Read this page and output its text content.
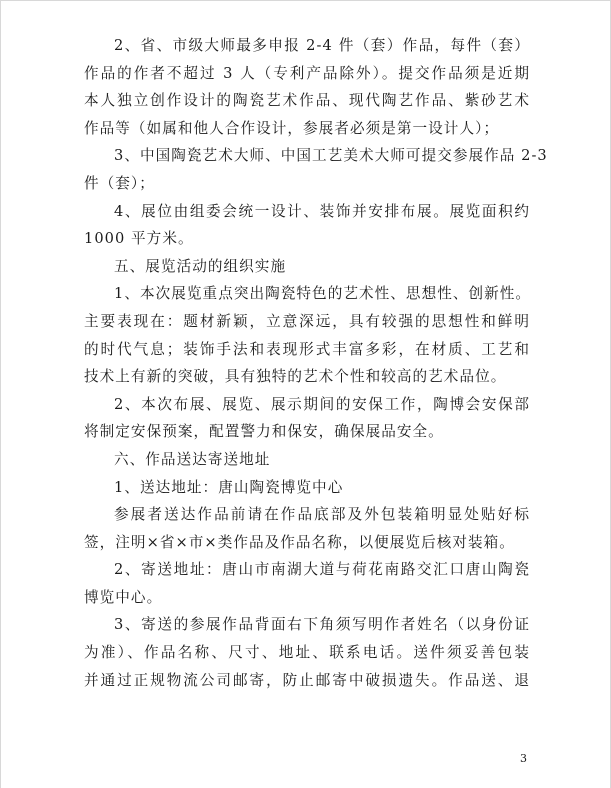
2、省、市级大师最多申报 2-4 件（套）作品，每件（套）
作品的作者不超过 3 人（专利产品除外）。提交作品须是近期
本人独立创作设计的陶瓷艺术作品、现代陶艺作品、紫砂艺术
作品等（如属和他人合作设计，参展者必须是第一设计人）；
3、中国陶瓷艺术大师、中国工艺美术大师可提交参展作品 2-3
件（套）；
4、展位由组委会统一设计、装饰并安排布展。展览面积约
1000 平方米。
五、展览活动的组织实施
1、本次展览重点突出陶瓷特色的艺术性、思想性、创新性。
主要表现在：题材新颖，立意深远，具有较强的思想性和鲜明
的时代气息；装饰手法和表现形式丰富多彩，在材质、工艺和
技术上有新的突破，具有独特的艺术个性和较高的艺术品位。
2、本次布展、展览、展示期间的安保工作，陶博会安保部
将制定安保预案，配置警力和保安，确保展品安全。
六、作品送达寄送地址
1、送达地址：唐山陶瓷博览中心
参展者送达作品前请在作品底部及外包装箱明显处贴好标
签，注明×省×市×类作品及作品名称，以便展览后核对装箱。
2、寄送地址：唐山市南湖大道与荷花南路交汇口唐山陶瓷
博览中心。
3、寄送的参展作品背面右下角须写明作者姓名（以身份证
为准）、作品名称、尺寸、地址、联系电话。送件须妥善包装
并通过正规物流公司邮寄，防止邮寄中破损遗失。作品送、退
3
